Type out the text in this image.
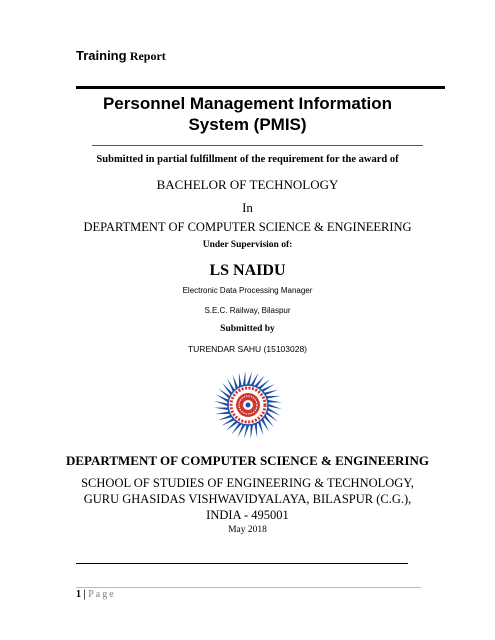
Training Report
Personnel Management Information
System (PMIS)
Submitted in partial fulfillment of the requirement for the award of
BACHELOR OF TECHNOLOGY
In
DEPARTMENT OF COMPUTER SCIENCE & ENGINEERING
Under Supervision of:
LS NAIDU
Electronic Data Processing Manager
S.E.C. Railway, Bilaspur
Submitted by
TURENDAR SAHU (15103028)
DEPARTMENT OF COMPUTER SCIENCE & ENGINEERING
SCHOOL OF STUDIES OF ENGINEERING & TECHNOLOGY,
GURU GHASIDAS VISHWAVIDYALAYA, BILASPUR (C.G.),
INDIA - 495001
May 2018
1 | Page
